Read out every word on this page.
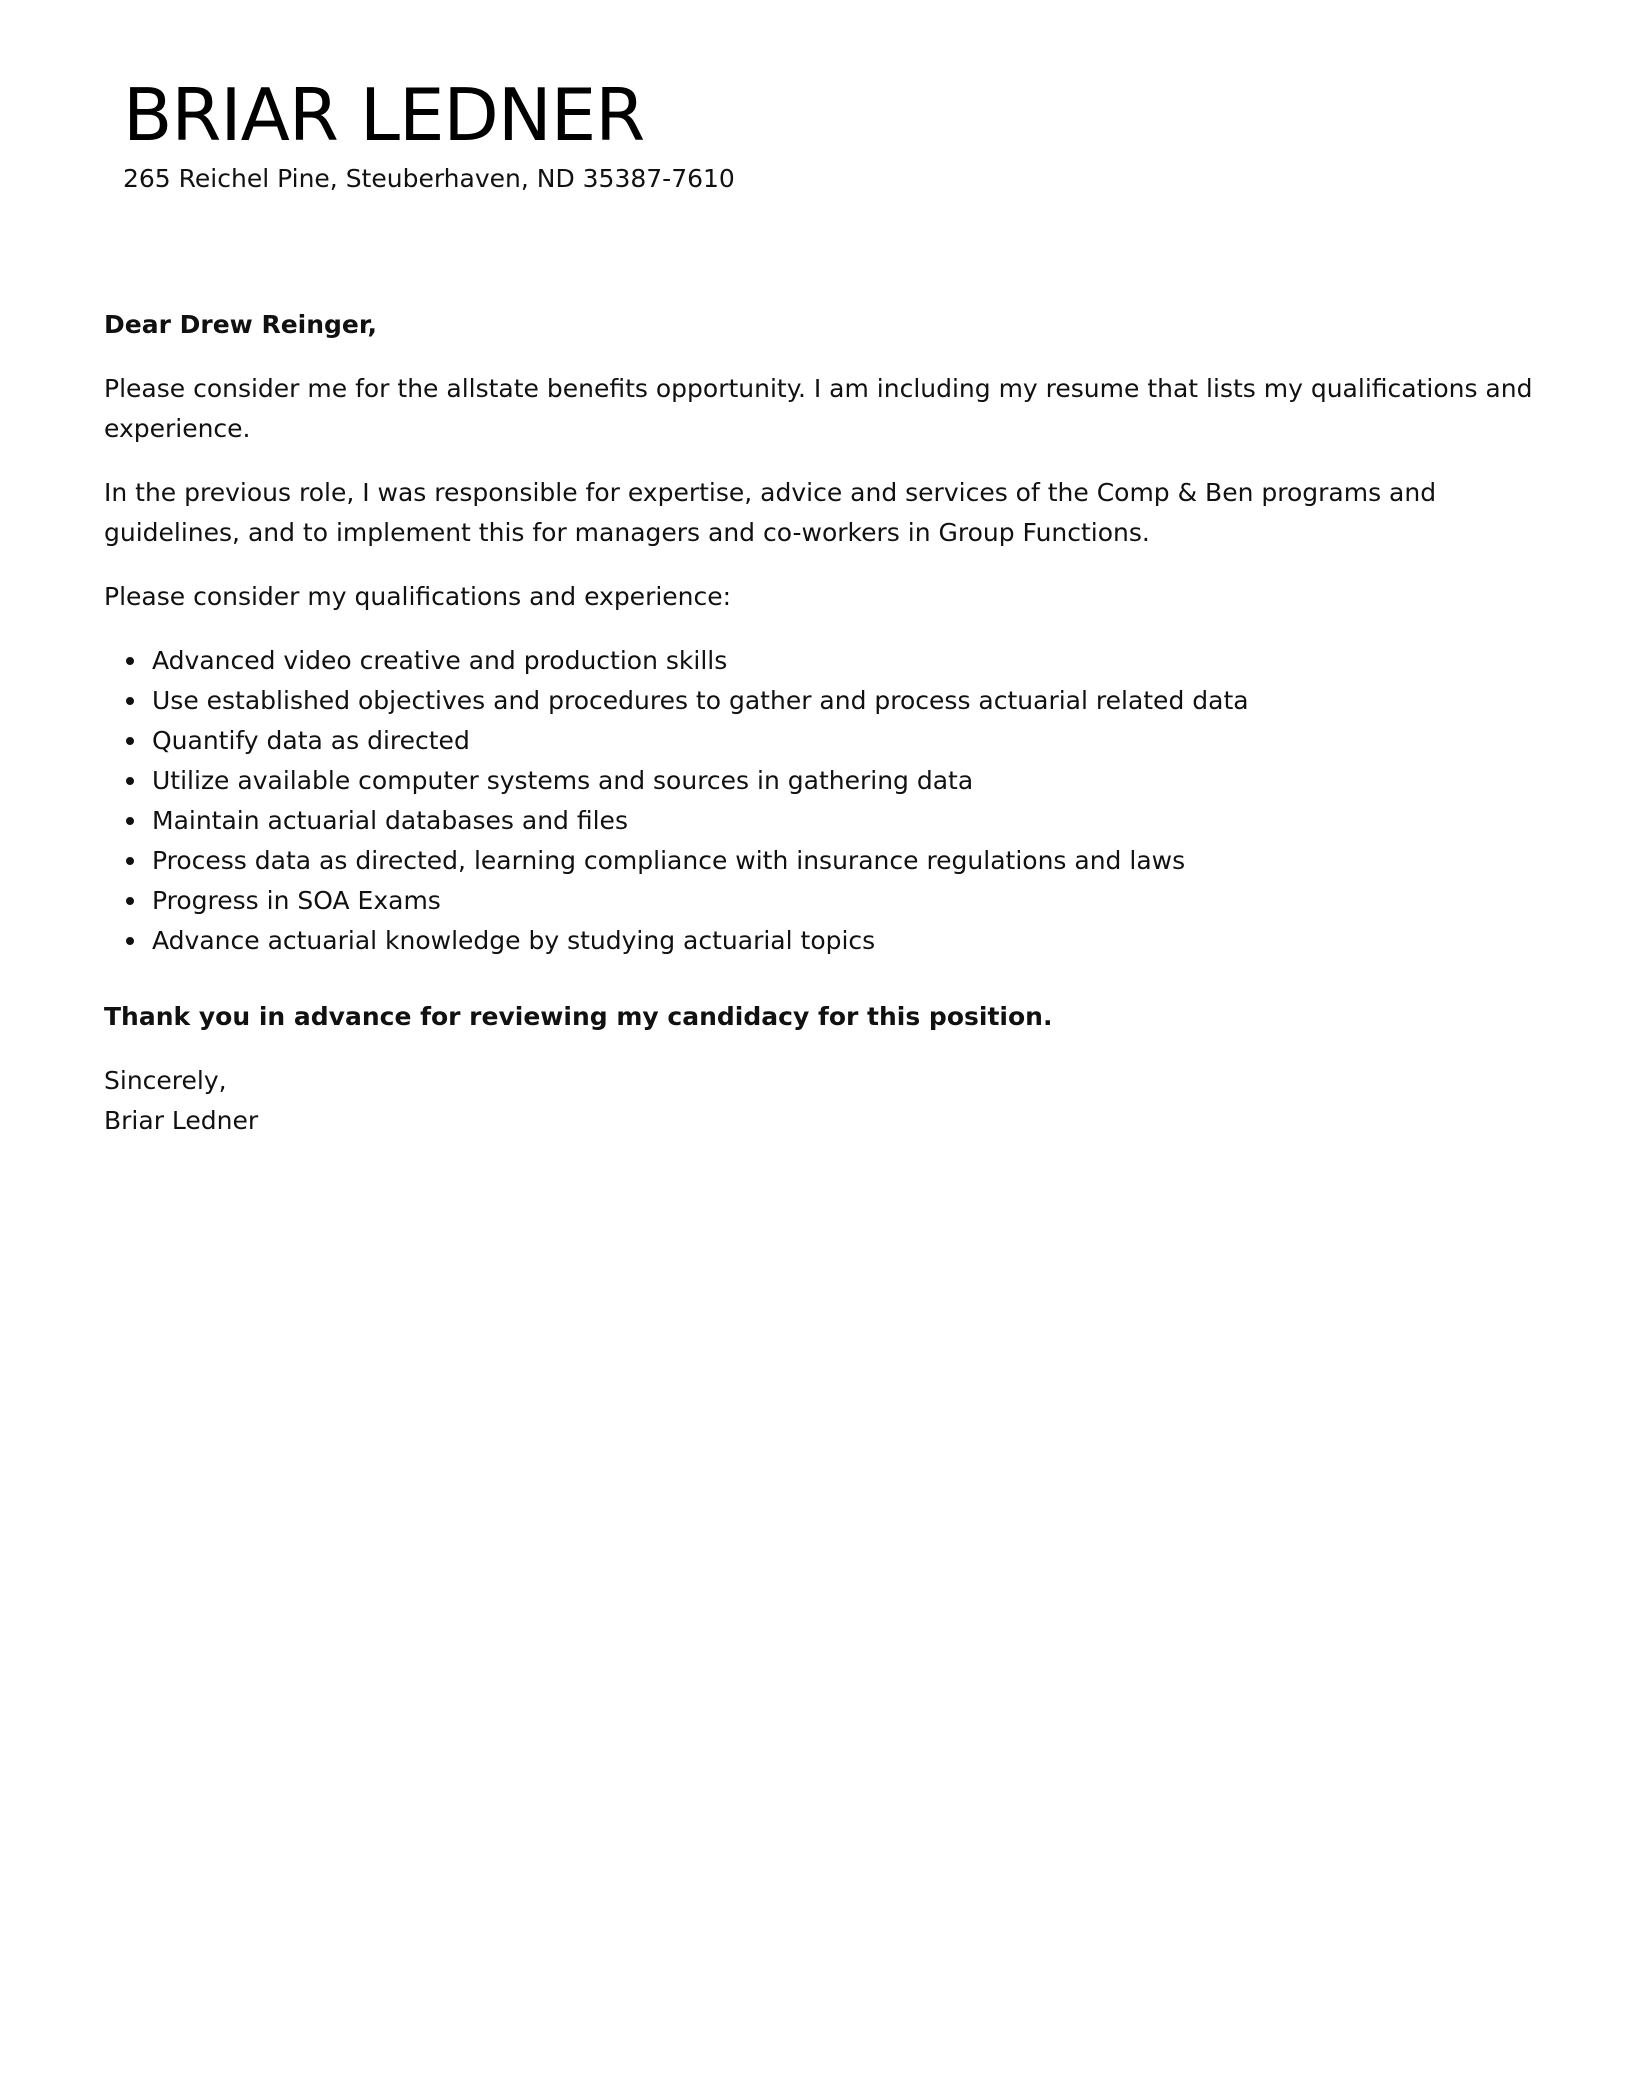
BRIAR LEDNER
265 Reichel Pine, Steuberhaven, ND 35387-7610

Dear Drew Reinger,

Please consider me for the allstate benefits opportunity. I am including my resume that lists my qualifications and experience.

In the previous role, I was responsible for expertise, advice and services of the Comp & Ben programs and guidelines, and to implement this for managers and co-workers in Group Functions.

Please consider my qualifications and experience:

Advanced video creative and production skills
Use established objectives and procedures to gather and process actuarial related data
Quantify data as directed
Utilize available computer systems and sources in gathering data
Maintain actuarial databases and files
Process data as directed, learning compliance with insurance regulations and laws
Progress in SOA Exams
Advance actuarial knowledge by studying actuarial topics

Thank you in advance for reviewing my candidacy for this position.

Sincerely,

Briar Ledner
